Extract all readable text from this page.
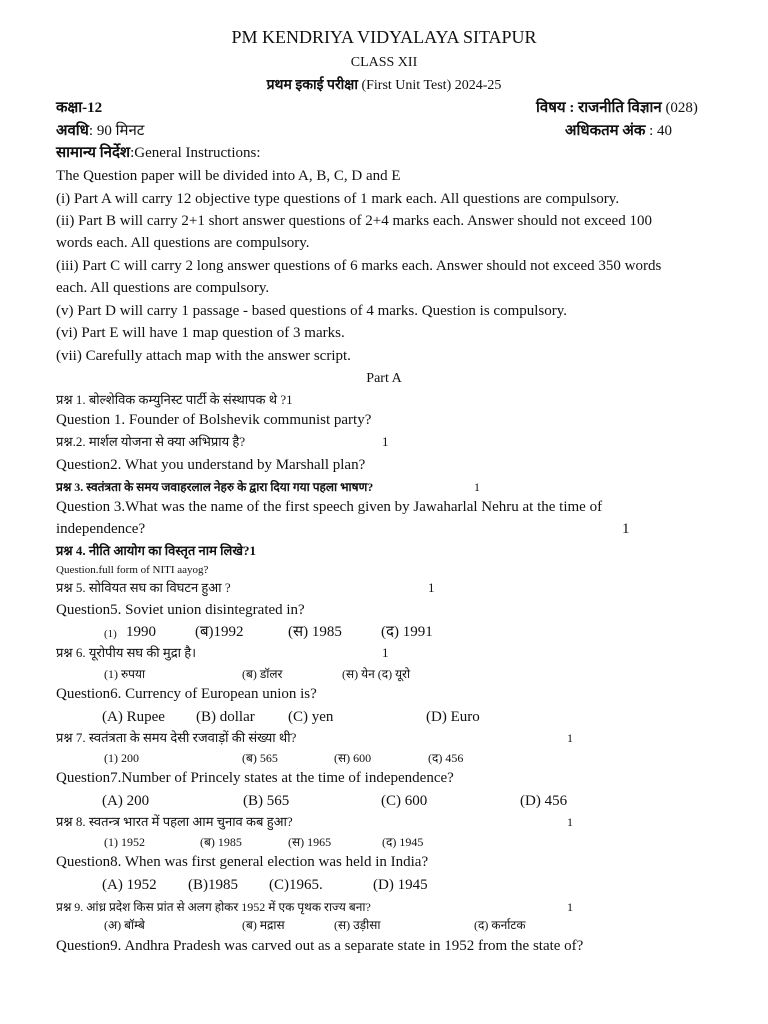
PM KENDRIYA VIDYALAYA SITAPUR
CLASS XII
प्रथम इकाई परीक्षा (First Unit Test) 2024-25
कक्षा-12	विषय : राजनीति विज्ञान (028)
अवधि: 90 मिनट	अधिकतम अंक : 40
सामान्य निर्देश:General Instructions:
The Question paper will be divided into A, B, C, D and E
(i) Part A will carry 12 objective type questions of 1 mark each. All questions are compulsory.
(ii) Part B will carry 2+1 short answer questions of 2+4 marks each. Answer should not exceed 100
words each. All questions are compulsory.
(iii) Part C will carry 2 long answer questions of 6 marks each. Answer should not exceed 350 words
each. All questions are compulsory.
(v) Part D will carry 1 passage - based questions of 4 marks. Question is compulsory.
(vi) Part E will have 1 map question of 3 marks.
(vii) Carefully attach map with the answer script.
Part A
प्रश्न 1. बोल्शेविक कम्युनिस्ट पार्टी के संस्थापक थे ?1
Question 1. Founder of Bolshevik communist party?
प्रश्न.2. मार्शल योजना से क्या अभिप्राय है?	1
Question2. What you understand by Marshall plan?
प्रश्न 3. स्वतंत्रता के समय जवाहरलाल नेहरु के द्वारा दिया गया पहला भाषण?	1
Question 3.What was the name of the first speech given by Jawaharlal Nehru at the time of
independence?	1
प्रश्न 4. नीति आयोग का विस्तृत नाम लिखे?1
Question.full form of NITI aayog?
प्रश्न 5. सोवियत सघ का विघटन हुआ ?	1
Question5. Soviet union disintegrated in?
(1) 1990	(ब)1992	(स) 1985	(द) 1991
प्रश्न 6. यूरोपीय सघ की मुद्रा है।	1
(1) रुपया	(ब) डॉलर	(स) येन (द) यूरो
Question6. Currency of European union is?
(A) Rupee (B) dollar (C) yen	(D) Euro
प्रश्न 7. स्वतंत्रता के समय देसी रजवाड़ों की संख्या थी?	1
(1) 200	(ब) 565	(स) 600	(द) 456
Question7.Number of Princely states at the time of independence?
(A) 200	(B) 565	(C) 600	(D) 456
प्रश्न 8. स्वतन्त्र भारत में पहला आम चुनाव कब हुआ?	1
(1) 1952	(ब) 1985	(स) 1965	(द) 1945
Question8. When was first general election was held in India?
(A) 1952 (B)1985 (C)1965.	(D) 1945
प्रश्न 9. आंध्र प्रदेश किस प्रांत से अलग होकर 1952 में एक पृथक राज्य बना?	1
(अ) बॉम्बे	(ब) मद्रास	(स) उड़ीसा	(द) कर्नाटक
Question9. Andhra Pradesh was carved out as a separate state in 1952 from the state of?
